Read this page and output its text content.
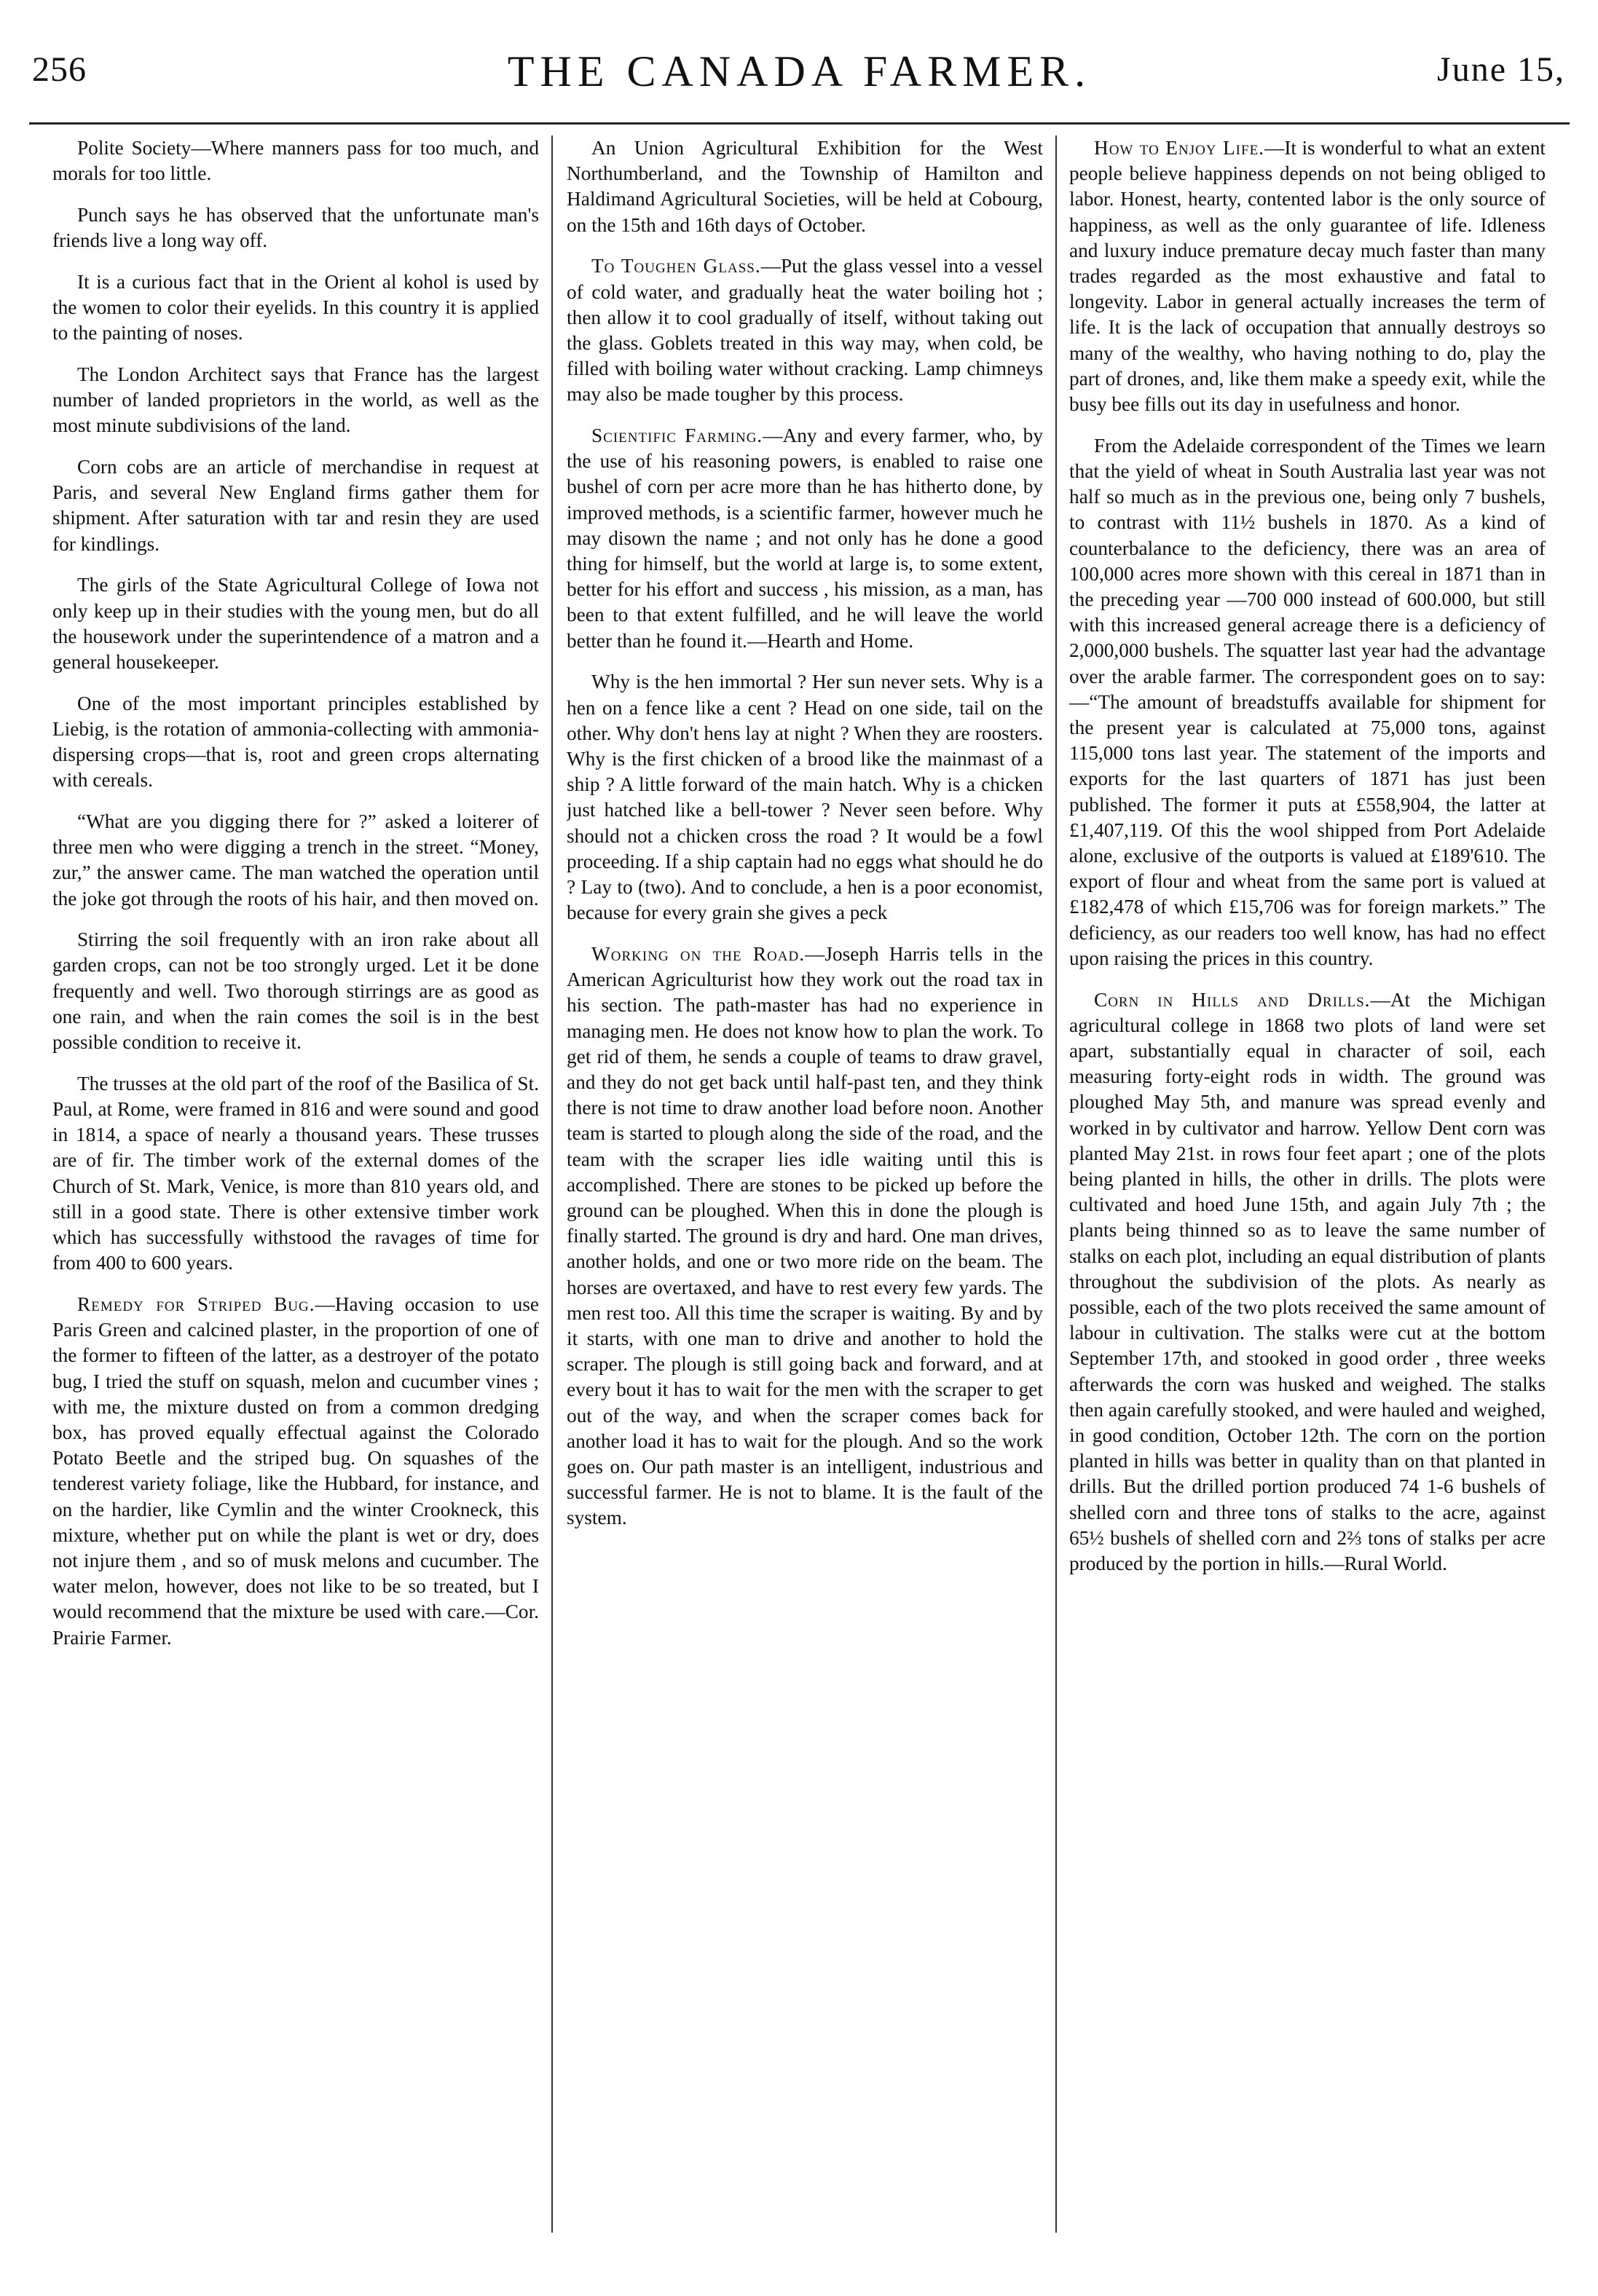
256	THE CANADA FARMER.	June 15,

Polite Society—Where manners pass for too much, and morals for too little.

Punch says he has observed that the unfortunate man's friends live a long way off.

It is a curious fact that in the Orient al kohol is used by the women to color their eyelids. In this country it is applied to the painting of noses.

The London Architect says that France has the largest number of landed proprietors in the world, as well as the most minute subdivisions of the land.

Corn cobs are an article of merchandise in request at Paris, and several New England firms gather them for shipment. After saturation with tar and resin they are used for kindlings.

The girls of the State Agricultural College of Iowa not only keep up in their studies with the young men, but do all the housework under the superintendence of a matron and a general housekeeper.

One of the most important principles established by Liebig, is the rotation of ammonia-collecting with ammonia-dispersing crops—that is, root and green crops alternating with cereals.

“What are you digging there for ?” asked a loiterer of three men who were digging a trench in the street. “Money, zur,” the answer came. The man watched the operation until the joke got through the roots of his hair, and then moved on.

Stirring the soil frequently with an iron rake about all garden crops, can not be too strongly urged. Let it be done frequently and well. Two thorough stirrings are as good as one rain, and when the rain comes the soil is in the best possible condition to receive it.

The trusses at the old part of the roof of the Basilica of St. Paul, at Rome, were framed in 816 and were sound and good in 1814, a space of nearly a thousand years. These trusses are of fir. The timber work of the external domes of the Church of St. Mark, Venice, is more than 810 years old, and still in a good state. There is other extensive timber work which has successfully withstood the ravages of time for from 400 to 600 years.

Remedy for Striped Bug.—Having occasion to use Paris Green and calcined plaster, in the proportion of one of the former to fifteen of the latter, as a destroyer of the potato bug, I tried the stuff on squash, melon and cucumber vines ; with me, the mixture dusted on from a common dredging box, has proved equally effectual against the Colorado Potato Beetle and the striped bug. On squashes of the tenderest variety foliage, like the Hubbard, for instance, and on the hardier, like Cymlin and the winter Crookneck, this mixture, whether put on while the plant is wet or dry, does not injure them , and so of musk melons and cucumber. The water melon, however, does not like to be so treated, but I would recommend that the mixture be used with care.—Cor. Prairie Farmer.

An Union Agricultural Exhibition for the West Northumberland, and the Township of Hamilton and Haldimand Agricultural Societies, will be held at Cobourg, on the 15th and 16th days of October.

To Toughen Glass.—Put the glass vessel into a vessel of cold water, and gradually heat the water boiling hot ; then allow it to cool gradually of itself, without taking out the glass. Goblets treated in this way may, when cold, be filled with boiling water without cracking. Lamp chimneys may also be made tougher by this process.

Scientific Farming.—Any and every farmer, who, by the use of his reasoning powers, is enabled to raise one bushel of corn per acre more than he has hitherto done, by improved methods, is a scientific farmer, however much he may disown the name ; and not only has he done a good thing for himself, but the world at large is, to some extent, better for his effort and success , his mission, as a man, has been to that extent fulfilled, and he will leave the world better than he found it.—Hearth and Home.

Why is the hen immortal ? Her sun never sets. Why is a hen on a fence like a cent ? Head on one side, tail on the other. Why don't hens lay at night ? When they are roosters. Why is the first chicken of a brood like the mainmast of a ship ? A little forward of the main hatch. Why is a chicken just hatched like a bell-tower ? Never seen before. Why should not a chicken cross the road ? It would be a fowl proceeding. If a ship captain had no eggs what should he do ? Lay to (two). And to conclude, a hen is a poor economist, because for every grain she gives a peck

Working on the Road.—Joseph Harris tells in the American Agriculturist how they work out the road tax in his section. The path-master has had no experience in managing men. He does not know how to plan the work. To get rid of them, he sends a couple of teams to draw gravel, and they do not get back until half-past ten, and they think there is not time to draw another load before noon. Another team is started to plough along the side of the road, and the team with the scraper lies idle waiting until this is accomplished. There are stones to be picked up before the ground can be ploughed. When this in done the plough is finally started. The ground is dry and hard. One man drives, another holds, and one or two more ride on the beam. The horses are overtaxed, and have to rest every few yards. The men rest too. All this time the scraper is waiting. By and by it starts, with one man to drive and another to hold the scraper. The plough is still going back and forward, and at every bout it has to wait for the men with the scraper to get out of the way, and when the scraper comes back for another load it has to wait for the plough. And so the work goes on. Our path master is an intelligent, industrious and successful farmer. He is not to blame. It is the fault of the system.

How to Enjoy Life.—It is wonderful to what an extent people believe happiness depends on not being obliged to labor. Honest, hearty, contented labor is the only source of happiness, as well as the only guarantee of life. Idleness and luxury induce premature decay much faster than many trades regarded as the most exhaustive and fatal to longevity. Labor in general actually increases the term of life. It is the lack of occupation that annually destroys so many of the wealthy, who having nothing to do, play the part of drones, and, like them make a speedy exit, while the busy bee fills out its day in usefulness and honor.

From the Adelaide correspondent of the Times we learn that the yield of wheat in South Australia last year was not half so much as in the previous one, being only 7 bushels, to contrast with 11½ bushels in 1870. As a kind of counterbalance to the deficiency, there was an area of 100,000 acres more shown with this cereal in 1871 than in the preceding year —700 000 instead of 600.000, but still with this increased general acreage there is a deficiency of 2,000,000 bushels. The squatter last year had the advantage over the arable farmer. The correspondent goes on to say: —“The amount of breadstuffs available for shipment for the present year is calculated at 75,000 tons, against 115,000 tons last year. The statement of the imports and exports for the last quarters of 1871 has just been published. The former it puts at £558,904, the latter at £1,407,119. Of this the wool shipped from Port Adelaide alone, exclusive of the outports is valued at £189'610. The export of flour and wheat from the same port is valued at £182,478 of which £15,706 was for foreign markets.” The deficiency, as our readers too well know, has had no effect upon raising the prices in this country.

Corn in Hills and Drills.—At the Michigan agricultural college in 1868 two plots of land were set apart, substantially equal in character of soil, each measuring forty-eight rods in width. The ground was ploughed May 5th, and manure was spread evenly and worked in by cultivator and harrow. Yellow Dent corn was planted May 21st. in rows four feet apart ; one of the plots being planted in hills, the other in drills. The plots were cultivated and hoed June 15th, and again July 7th ; the plants being thinned so as to leave the same number of stalks on each plot, including an equal distribution of plants throughout the subdivision of the plots. As nearly as possible, each of the two plots received the same amount of labour in cultivation. The stalks were cut at the bottom September 17th, and stooked in good order , three weeks afterwards the corn was husked and weighed. The stalks then again carefully stooked, and were hauled and weighed, in good condition, October 12th. The corn on the portion planted in hills was better in quality than on that planted in drills. But the drilled portion produced 74 1-6 bushels of shelled corn and three tons of stalks to the acre, against 65½ bushels of shelled corn and 2⅔ tons of stalks per acre produced by the portion in hills.—Rural World.
